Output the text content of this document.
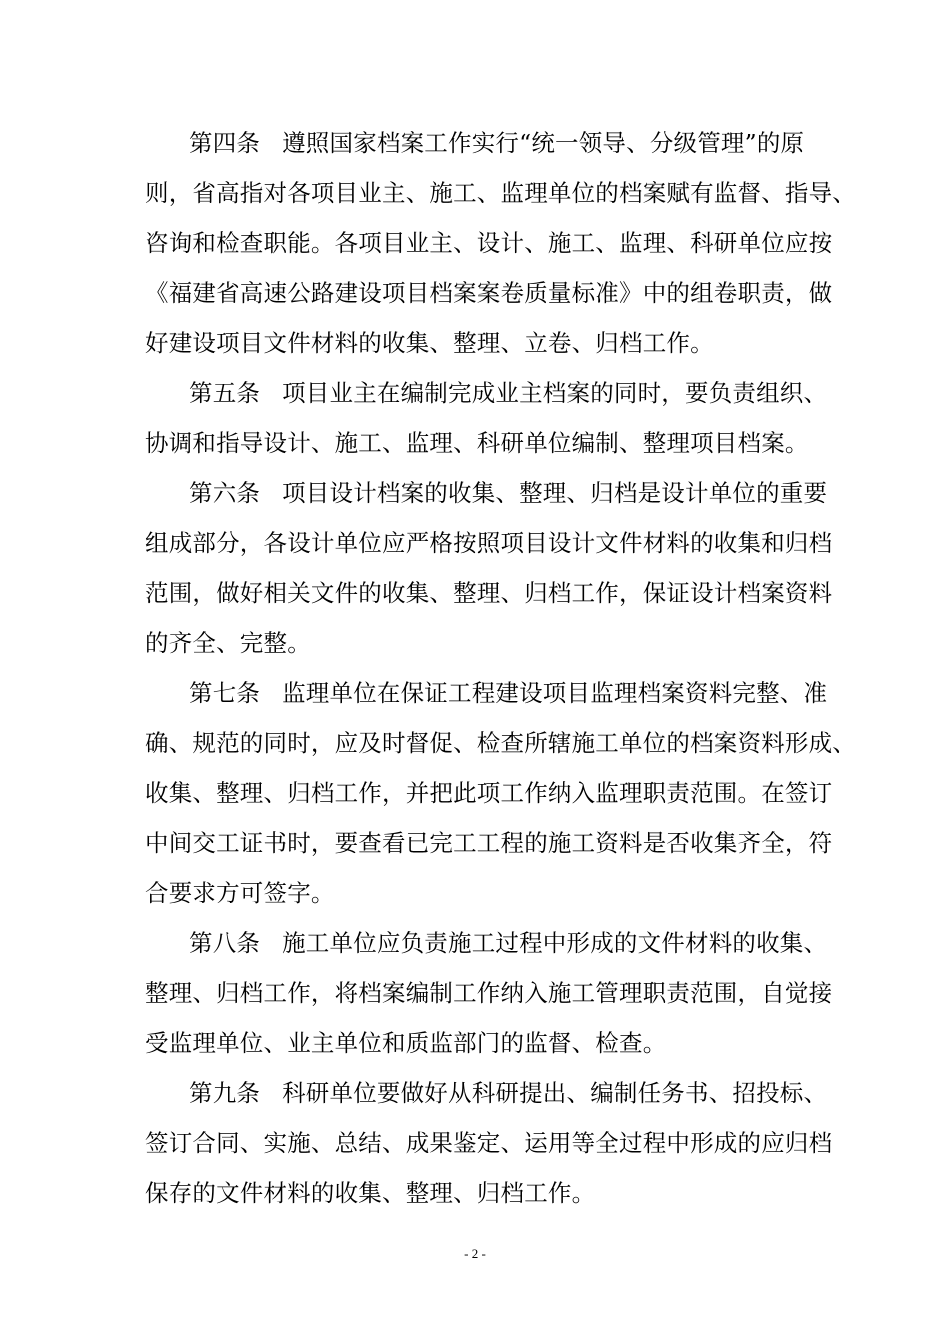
第四条 遵照国家档案工作实行“统一领导、分级管理”的原
则，省高指对各项目业主、施工、监理单位的档案赋有监督、指导、
咨询和检查职能。各项目业主、设计、施工、监理、科研单位应按
《福建省高速公路建设项目档案案卷质量标准》中的组卷职责，做
好建设项目文件材料的收集、整理、立卷、归档工作。
第五条 项目业主在编制完成业主档案的同时，要负责组织、
协调和指导设计、施工、监理、科研单位编制、整理项目档案。
第六条 项目设计档案的收集、整理、归档是设计单位的重要
组成部分，各设计单位应严格按照项目设计文件材料的收集和归档
范围，做好相关文件的收集、整理、归档工作，保证设计档案资料
的齐全、完整。
第七条 监理单位在保证工程建设项目监理档案资料完整、准
确、规范的同时，应及时督促、检查所辖施工单位的档案资料形成、
收集、整理、归档工作，并把此项工作纳入监理职责范围。在签订
中间交工证书时，要查看已完工工程的施工资料是否收集齐全，符
合要求方可签字。
第八条 施工单位应负责施工过程中形成的文件材料的收集、
整理、归档工作，将档案编制工作纳入施工管理职责范围，自觉接
受监理单位、业主单位和质监部门的监督、检查。
第九条 科研单位要做好从科研提出、编制任务书、招投标、
签订合同、实施、总结、成果鉴定、运用等全过程中形成的应归档
保存的文件材料的收集、整理、归档工作。
- 2 -
